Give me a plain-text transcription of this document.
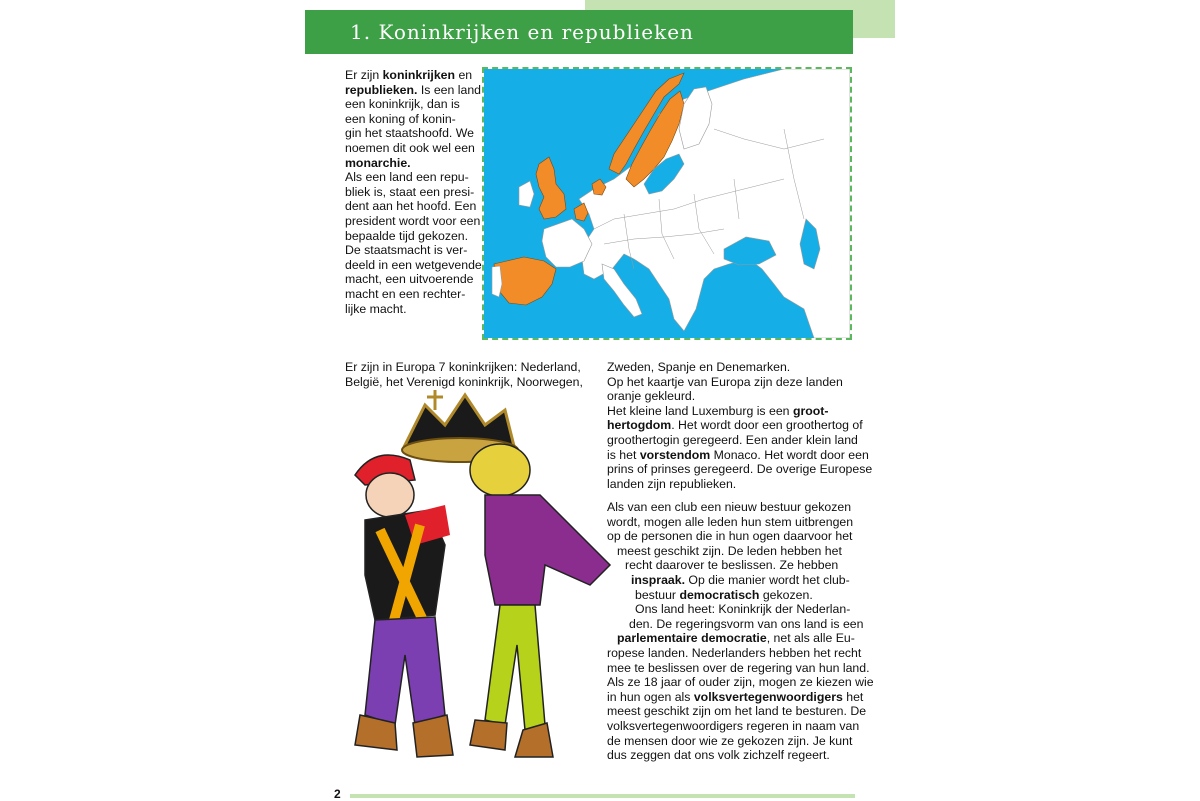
1. Koninkrijken en republieken
Er zijn koninkrijken en
republieken. Is een land
een koninkrijk, dan is
een koning of konin-
gin het staatshoofd. We
noemen dit ook wel een
monarchie.
Als een land een repu-
bliek is, staat een presi-
dent aan het hoofd. Een
president wordt voor een
bepaalde tijd gekozen.
De staatsmacht is ver-
deeld in een wetgevende
macht, een uitvoerende
macht en een rechter-
lijke macht.
Er zijn in Europa 7 koninkrijken: Nederland,
België, het Verenigd koninkrijk, Noorwegen,
Zweden, Spanje en Denemarken.
Op het kaartje van Europa zijn deze landen
oranje gekleurd.
Het kleine land Luxemburg is een groot-
hertogdom. Het wordt door een groothertog of
groothertogin geregeerd. Een ander klein land
is het vorstendom Monaco. Het wordt door een
prins of prinses geregeerd. De overige Europese
landen zijn republieken.
Als van een club een nieuw bestuur gekozen
wordt, mogen alle leden hun stem uitbrengen
op de personen die in hun ogen daarvoor het
meest geschikt zijn. De leden hebben het
recht daarover te beslissen. Ze hebben
inspraak. Op die manier wordt het club-
bestuur democratisch gekozen.
Ons land heet: Koninkrijk der Nederlan-
den. De regeringsvorm van ons land is een
parlementaire democratie, net als alle Eu-
ropese landen. Nederlanders hebben het recht
mee te beslissen over de regering van hun land.
Als ze 18 jaar of ouder zijn, mogen ze kiezen wie
in hun ogen als volksvertegenwoordigers het
meest geschikt zijn om het land te besturen. De
volksvertegenwoordigers regeren in naam van
de mensen door wie ze gekozen zijn. Je kunt
dus zeggen dat ons volk zichzelf regeert.
2
